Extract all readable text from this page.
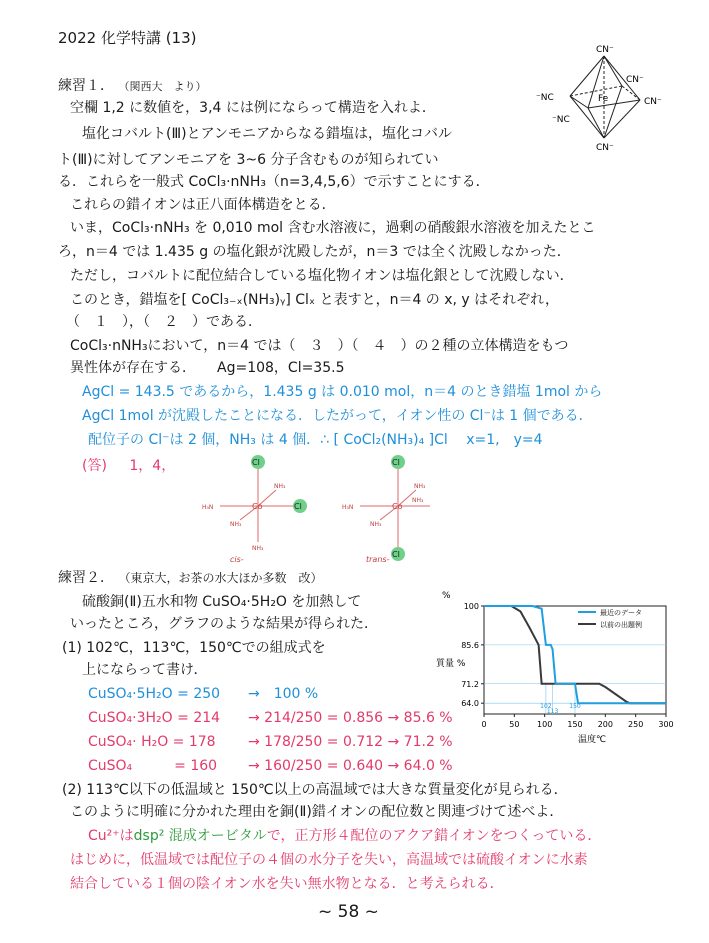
2022 化学特講 (13)
CN⁻
⁻NC	CN⁻
CN⁻
⁻NC
CN⁻
Fe
練習１． （関西大　より）
空欄 1,2 に数値を，3,4 には例にならって構造を入れよ．
塩化コバルト(Ⅲ)とアンモニアからなる錯塩は，塩化コバル
ト(Ⅲ)に対してアンモニアを 3~6 分子含むものが知られてい
る．これらを一般式 CoCl₃·nNH₃（n=3,4,5,6）で示すことにする．
これらの錯イオンは正八面体構造をとる．
いま，CoCl₃·nNH₃ を 0,010 mol 含む水溶液に，過剰の硝酸銀水溶液を加えたとこ
ろ，n＝4 では 1.435 g の塩化銀が沈殿したが，n＝3 では全く沈殿しなかった．
ただし，コバルトに配位結合している塩化物イオンは塩化銀として沈殿しない．
このとき，錯塩を[ CoCl₃₋ₓ(NH₃)ᵧ] Clₓ と表すと，n＝4 の x, y はそれぞれ，
（　１　），（　２　）である．
CoCl₃·nNH₃において，n＝4 では（　３　）（　４　）の２種の立体構造をもつ
異性体が存在する．　　Ag=108，Cl=35.5
AgCl = 143.5 であるから，1.435 g は 0.010 mol，n＝4 のとき錯塩 1mol から
AgCl 1mol が沈殿したことになる．したがって，イオン性の Cl⁻は 1 個である．
配位子の Cl⁻は 2 個，NH₃ は 4 個．∴ [ CoCl₂(NH₃)₄ ]Cl　 x=1,　y=4
(答) 1，4，	Cl
Cl
Co
H₃N
NH₃
NH₃
NH₃
cis-
Cl
Cl
Co
H₃N
NH₃
NH₃
NH₃
trans-
練習２． （東京大，お茶の水大ほか多数　改）
硫酸銅(Ⅱ)五水和物 CuSO₄·5H₂O を加熱して
いったところ，グラフのような結果が得られた．
(1) 102℃，113℃，150℃での組成式を
上にならって書け．
CuSO₄·5H₂O = 250 →　100 %
CuSO₄·3H₂O = 214 → 214/250 = 0.856 → 85.6 %
CuSO₄· H₂O = 178 → 178/250 = 0.712 → 71.2 %
CuSO₄　　　= 160 → 160/250 = 0.640 → 64.0 %
(2) 113℃以下の低温域と 150℃以上の高温域では大きな質量変化が見られる．
このように明確に分かれた理由を銅(Ⅱ)錯イオンの配位数と関連づけて述べよ．
Cu²⁺はdsp² 混成オービタルで，正方形４配位のアクア錯イオンをつくっている．
はじめに，低温域では配位子の４個の水分子を失い，高温域では硫酸イオンに水素
結合している１個の陰イオン水を失い無水物となる．と考えられる．
%
質量 %
温度℃
0	50 100 150 200 250 300
64.0
71.2
85.6
100
102
113
150
最近のデータ
以前の出題例
~ 58 ~
